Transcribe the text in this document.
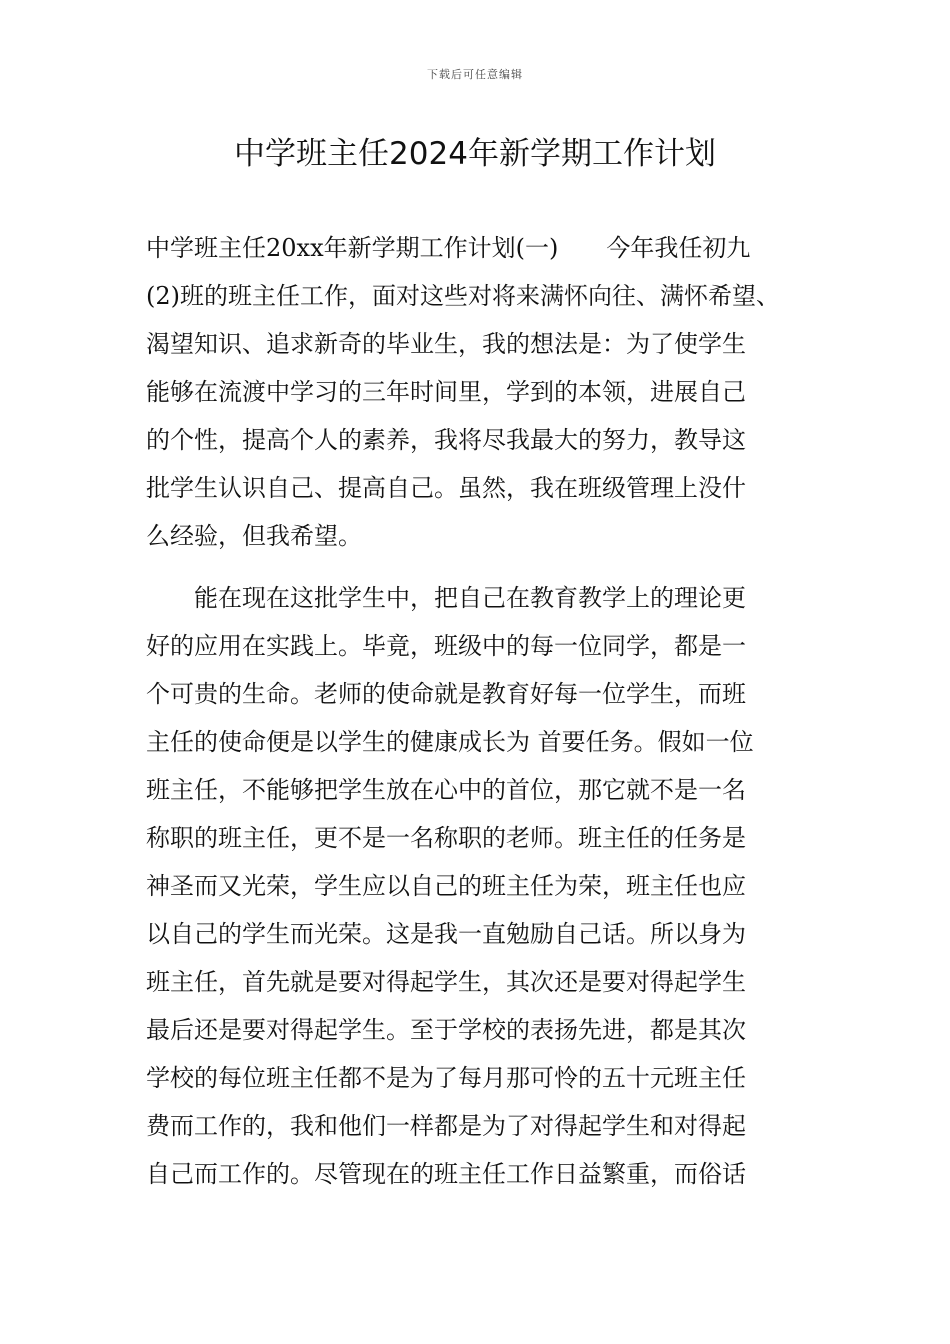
下载后可任意编辑
中学班主任2024年新学期工作计划
中学班主任20xx年新学期工作计划(一)　　今年我任初九
(2)班的班主任工作，面对这些对将来满怀向往、满怀希望、
渴望知识、追求新奇的毕业生，我的想法是：为了使学生
能够在流渡中学习的三年时间里，学到的本领，进展自己
的个性，提高个人的素养，我将尽我最大的努力，教导这
批学生认识自己、提高自己。虽然，我在班级管理上没什
么经验，但我希望。
　　能在现在这批学生中，把自己在教育教学上的理论更
好的应用在实践上。毕竟，班级中的每一位同学，都是一
个可贵的生命。老师的使命就是教育好每一位学生，而班
主任的使命便是以学生的健康成长为 首要任务。假如一位
班主任，不能够把学生放在心中的首位，那它就不是一名
称职的班主任，更不是一名称职的老师。班主任的任务是
神圣而又光荣，学生应以自己的班主任为荣，班主任也应
以自己的学生而光荣。这是我一直勉励自己话。所以身为
班主任，首先就是要对得起学生，其次还是要对得起学生
最后还是要对得起学生。至于学校的表扬先进，都是其次
学校的每位班主任都不是为了每月那可怜的五十元班主任
费而工作的，我和他们一样都是为了对得起学生和对得起
自己而工作的。尽管现在的班主任工作日益繁重，而俗话
